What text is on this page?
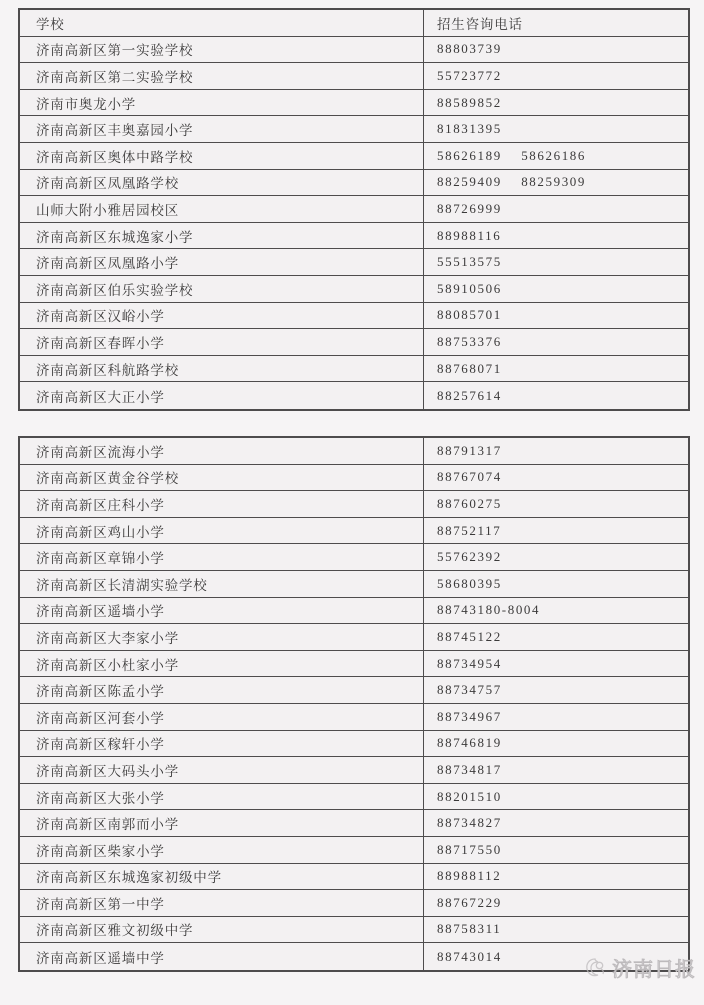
学校	招生咨询电话
济南高新区第一实验学校	88803739
济南高新区第二实验学校	55723772
济南市奥龙小学	88589852
济南高新区丰奥嘉园小学	81831395
济南高新区奥体中路学校	58626189    58626186
济南高新区凤凰路学校	88259409    88259309
山师大附小雅居园校区	88726999
济南高新区东城逸家小学	88988116
济南高新区凤凰路小学	55513575
济南高新区伯乐实验学校	58910506
济南高新区汉峪小学	88085701
济南高新区春晖小学	88753376
济南高新区科航路学校	88768071
济南高新区大正小学	88257614
济南高新区流海小学	88791317
济南高新区黄金谷学校	88767074
济南高新区庄科小学	88760275
济南高新区鸡山小学	88752117
济南高新区章锦小学	55762392
济南高新区长清湖实验学校	58680395
济南高新区遥墙小学	88743180-8004
济南高新区大李家小学	88745122
济南高新区小杜家小学	88734954
济南高新区陈孟小学	88734757
济南高新区河套小学	88734967
济南高新区稼轩小学	88746819
济南高新区大码头小学	88734817
济南高新区大张小学	88201510
济南高新区南郭而小学	88734827
济南高新区柴家小学	88717550
济南高新区东城逸家初级中学	88988112
济南高新区第一中学	88767229
济南高新区雅文初级中学	88758311
济南高新区遥墙中学	88743014
济南日报
